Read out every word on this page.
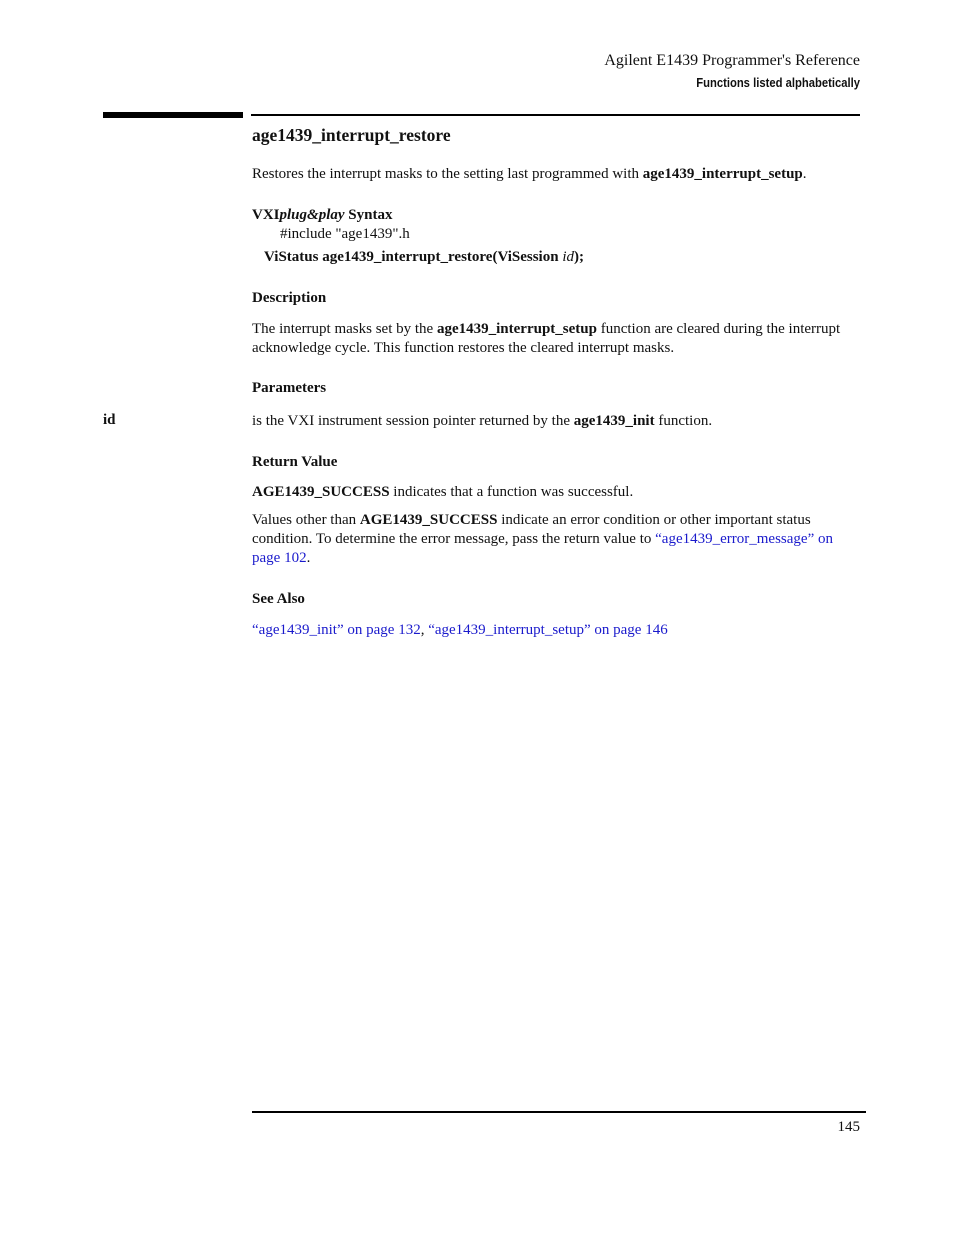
Agilent E1439 Programmer's Reference
Functions listed alphabetically
age1439_interrupt_restore
Restores the interrupt masks to the setting last programmed with age1439_interrupt_setup.
VXIplug&play Syntax
#include "age1439".h
ViStatus age1439_interrupt_restore(ViSession id);
Description
The interrupt masks set by the age1439_interrupt_setup function are cleared during the interrupt acknowledge cycle. This function restores the cleared interrupt masks.
Parameters
id	is the VXI instrument session pointer returned by the age1439_init function.
Return Value
AGE1439_SUCCESS indicates that a function was successful.
Values other than AGE1439_SUCCESS indicate an error condition or other important status condition. To determine the error message, pass the return value to “age1439_error_message” on page 102.
See Also
“age1439_init” on page 132, “age1439_interrupt_setup” on page 146
145
